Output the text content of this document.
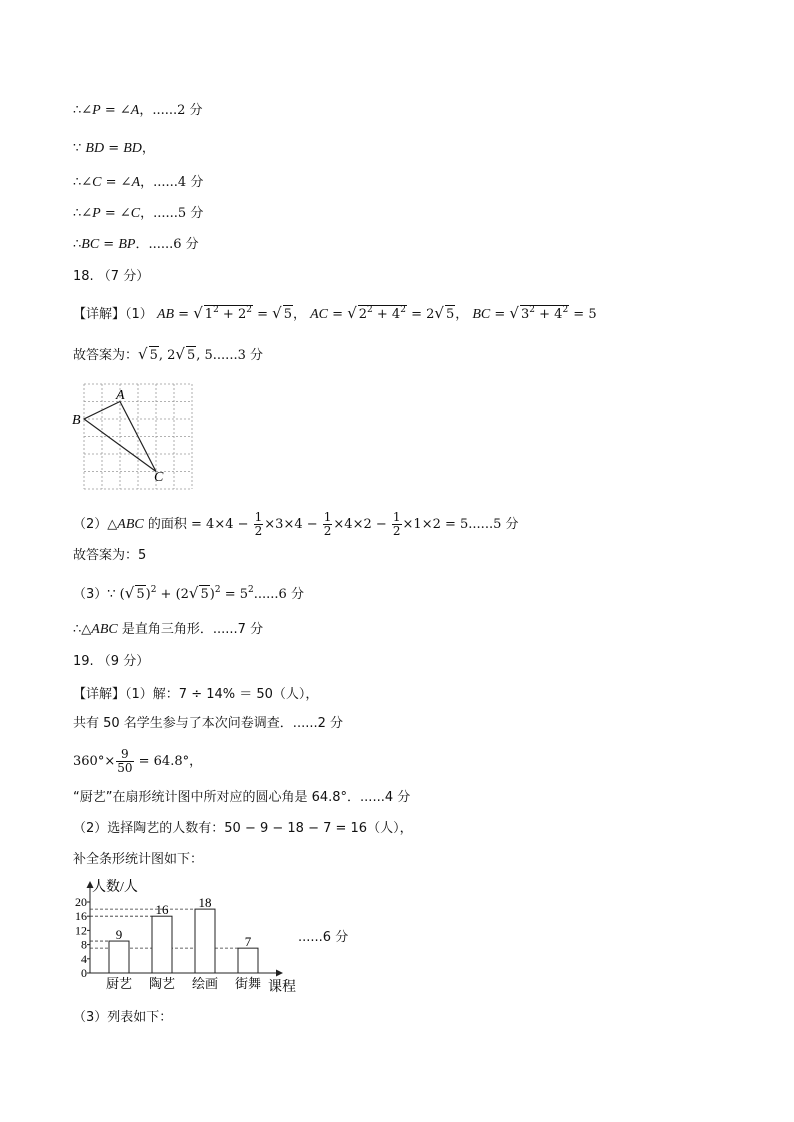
∴∠P = ∠A，......2 分
∵ BD = BD，
∴∠C = ∠A，......4 分
∴∠P = ∠C，......5 分
∴BC = BP．......6 分
18. （7 分）
【详解】（1） AB = √ $1^2 + 2^2$ = √ 5， AC = √ $2^2 + 4^2 = 2√$ 5， BC = √ $3^2 + 4^2 = 5$
故答案为：√ 5, 2√ 5, 5......3 分
A
B
C
（2）△ABC 的面积 = $4\times 4 - \frac{1}{2} \times 3\times 4 - \frac{1}{2} \times 4\times 2 - \frac{1}{2} \times 1\times 2 = 5......5$ 分
故答案为：5
（3）∵ (√ 5)$^2$ + (2√ $5)^2 = 5^2......6$ 分
∴△ABC 是直角三角形．......7 分
19. （9 分）
【详解】（1）解：7 ÷ 14% ＝ 50（人），
共有 50 名学生参与了本次问卷调查．......2 分
$360^\circ\times \frac{9}{50} = 64.8^\circ$，
“厨艺”在扇形统计图中所对应的圆心角是 64.8°．......4 分
（2）选择陶艺的人数有：50 − 9 − 18 − 7 = 16（人），
补全条形统计图如下：
人数/人
课程
0
4
8
12
16
20
9
16 18
7
厨艺 陶艺 绘画 街舞
......6 分
（3）列表如下：
